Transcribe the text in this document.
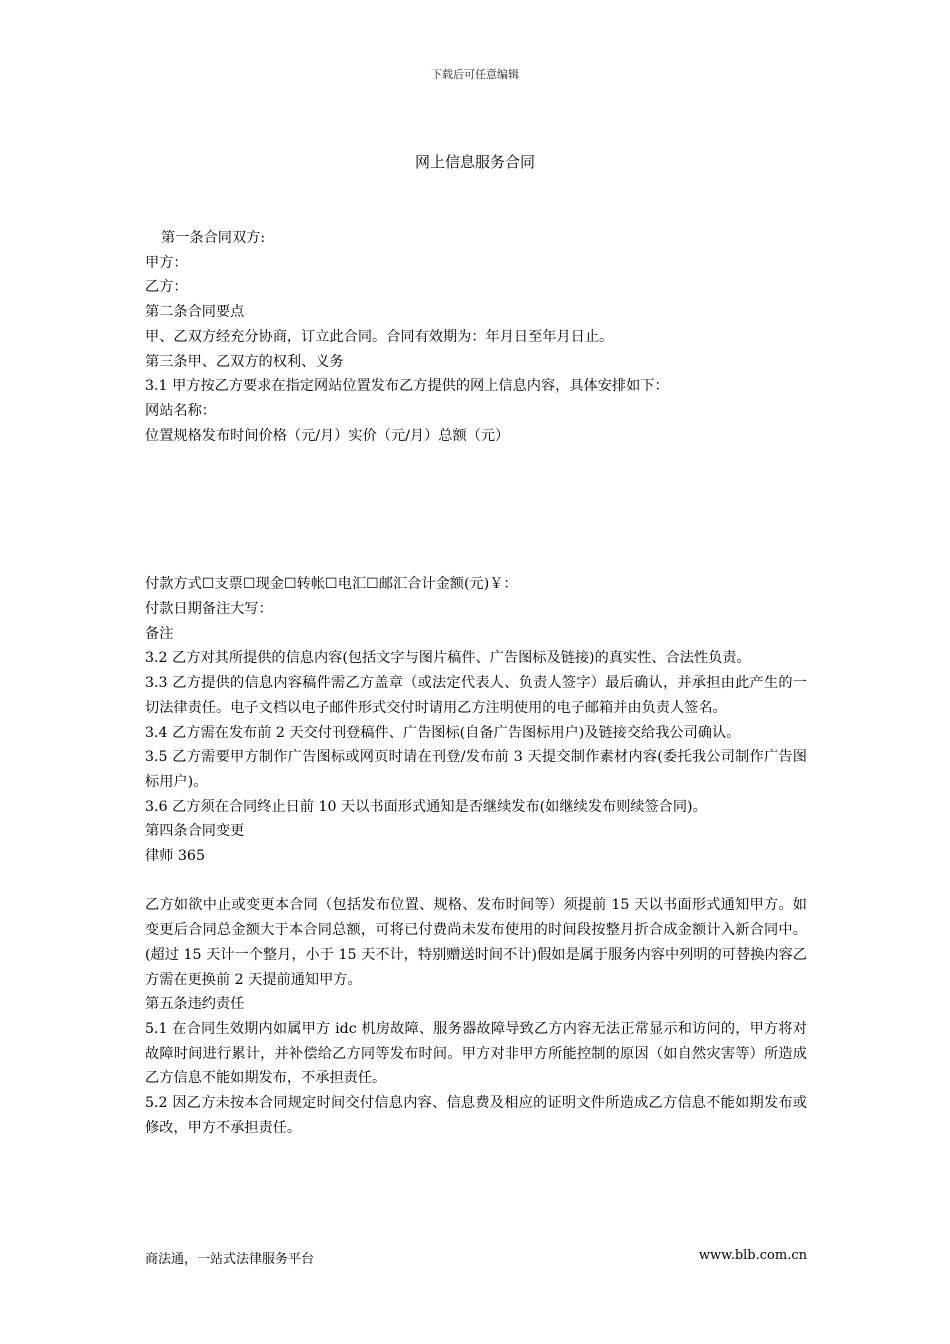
下载后可任意编辑
网上信息服务合同

第一条合同双方:

甲方：

乙方：

第二条合同要点

甲、乙双方经充分协商，订立此合同。合同有效期为：年月日至年月日止。

第三条甲、乙双方的权利、义务

3.1 甲方按乙方要求在指定网站位置发布乙方提供的网上信息内容，具体安排如下：

网站名称：

位置规格发布时间价格（元/月）实价（元/月）总额（元）

付款方式☐支票☐现金☐转帐☐电汇☐邮汇合计金额(元)￥：

付款日期备注大写：

备注

3.2 乙方对其所提供的信息内容(包括文字与图片稿件、广告图标及链接)的真实性、合法性负责。

3.3 乙方提供的信息内容稿件需乙方盖章（或法定代表人、负责人签字）最后确认，并承担由此产生的一切法律责任。电子文档以电子邮件形式交付时请用乙方注明使用的电子邮箱并由负责人签名。

3.4 乙方需在发布前 2 天交付刊登稿件、广告图标(自备广告图标用户)及链接交给我公司确认。

3.5 乙方需要甲方制作广告图标或网页时请在刊登/发布前 3 天提交制作素材内容(委托我公司制作广告图标用户)。

3.6 乙方须在合同终止日前 10 天以书面形式通知是否继续发布(如继续发布则续签合同)。

第四条合同变更

律师 365

乙方如欲中止或变更本合同（包括发布位置、规格、发布时间等）须提前 15 天以书面形式通知甲方。如变更后合同总金额大于本合同总额，可将已付费尚未发布使用的时间段按整月折合成金额计入新合同中。(超过 15 天计一个整月，小于 15 天不计，特别赠送时间不计)假如是属于服务内容中列明的可替换内容乙方需在更换前 2 天提前通知甲方。

第五条违约责任

5.1 在合同生效期内如属甲方 idc 机房故障、服务器故障导致乙方内容无法正常显示和访问的，甲方将对故障时间进行累计，并补偿给乙方同等发布时间。甲方对非甲方所能控制的原因（如自然灾害等）所造成乙方信息不能如期发布，不承担责任。

5.2 因乙方未按本合同规定时间交付信息内容、信息费及相应的证明文件所造成乙方信息不能如期发布或修改，甲方不承担责任。

商法通，一站式法律服务平台	www.blb.com.cn
